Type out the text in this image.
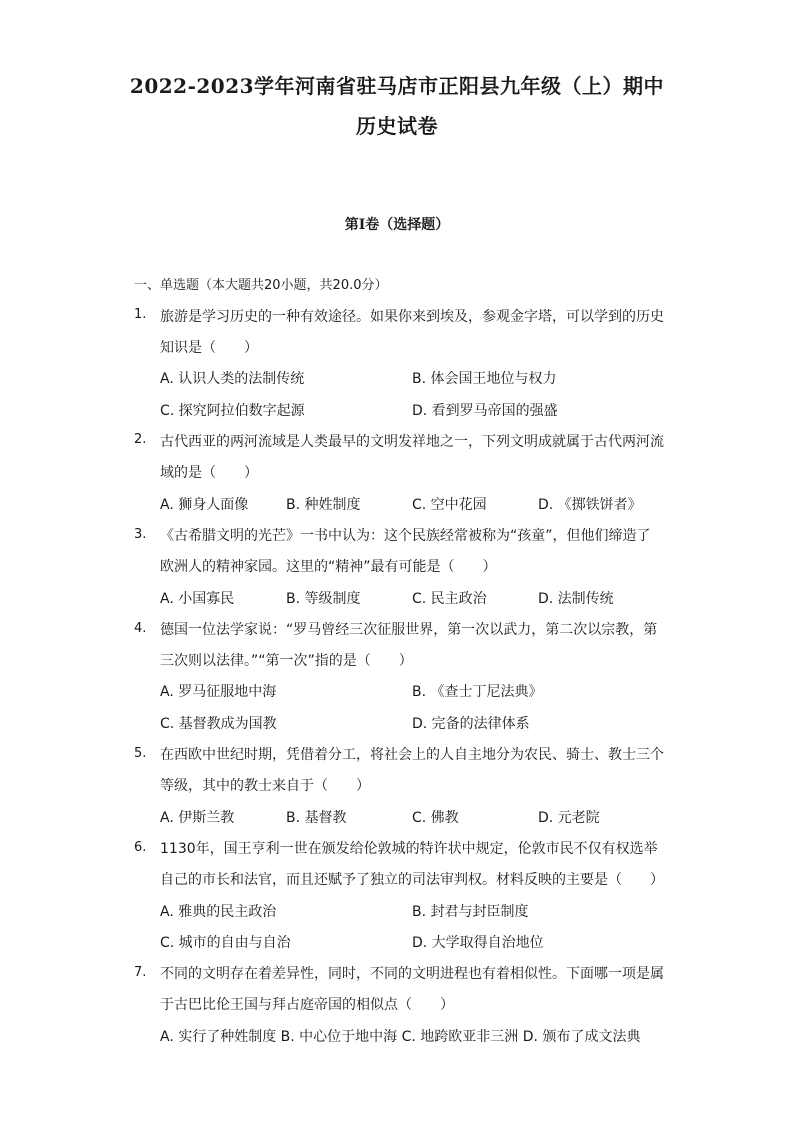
2022-2023学年河南省驻马店市正阳县九年级（上）期中
历史试卷
第I卷（选择题）
一、单选题（本大题共20小题，共20.0分）
1. 旅游是学习历史的一种有效途径。如果你来到埃及，参观金字塔，可以学到的历史
知识是（　　）
A. 认识人类的法制传统	B. 体会国王地位与权力
C. 探究阿拉伯数字起源	D. 看到罗马帝国的强盛
2. 古代西亚的两河流域是人类最早的文明发祥地之一，下列文明成就属于古代两河流
域的是（　　）
A. 狮身人面像	B. 种姓制度	C. 空中花园	D. 《掷铁饼者》
3. 《古希腊文明的光芒》一书中认为：这个民族经常被称为“孩童”，但他们缔造了
欧洲人的精神家园。这里的“精神”最有可能是（　　）
A. 小国寡民	B. 等级制度	C. 民主政治	D. 法制传统
4. 德国一位法学家说：“罗马曾经三次征服世界，第一次以武力，第二次以宗教，第
三次则以法律。”“第一次”指的是（　　）
A. 罗马征服地中海	B. 《查士丁尼法典》
C. 基督教成为国教	D. 完备的法律体系
5. 在西欧中世纪时期，凭借着分工，将社会上的人自主地分为农民、骑士、教士三个
等级，其中的教士来自于（　　）
A. 伊斯兰教	B. 基督教	C. 佛教	D. 元老院
6. 1130年，国王亨利一世在颁发给伦敦城的特许状中规定，伦敦市民不仅有权选举
自己的市长和法官，而且还赋予了独立的司法审判权。材料反映的主要是（　　）
A. 雅典的民主政治	B. 封君与封臣制度
C. 城市的自由与自治	D. 大学取得自治地位
7. 不同的文明存在着差异性，同时，不同的文明进程也有着相似性。下面哪一项是属
于古巴比伦王国与拜占庭帝国的相似点（　　）
A. 实行了种姓制度 B. 中心位于地中海 C. 地跨欧亚非三洲 D. 颁布了成文法典
